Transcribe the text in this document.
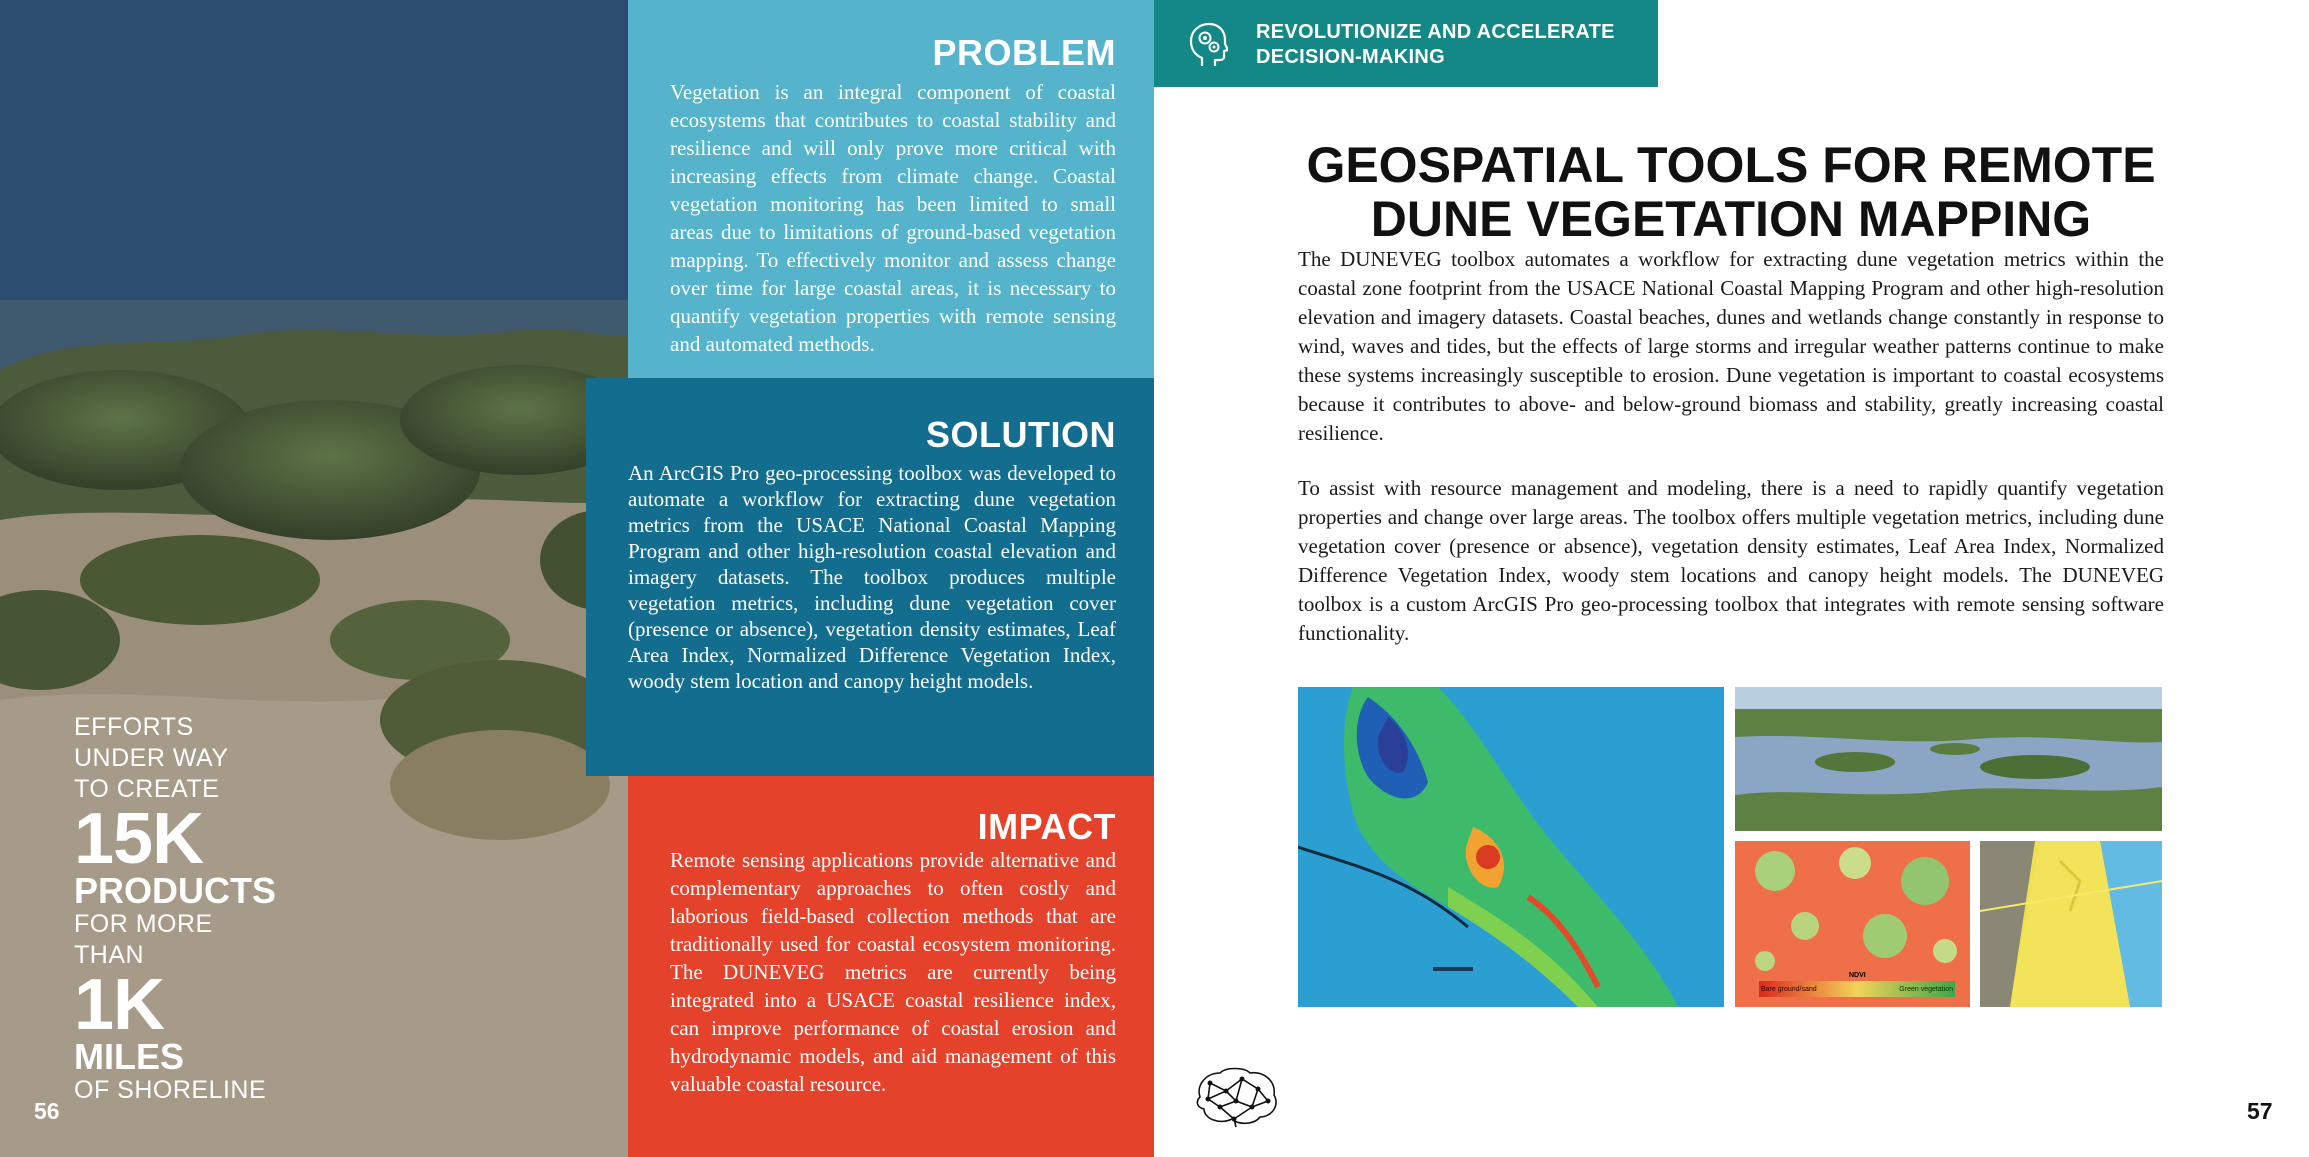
EFFORTS
UNDER WAY
TO CREATE
15K
PRODUCTS
FOR MORE
THAN
1K
MILES
OF SHORELINE
56
PROBLEM

Vegetation is an integral component of coastal ecosystems that contributes to coastal stability and resilience and will only prove more critical with increasing effects from climate change. Coastal vegetation monitoring has been limited to small areas due to limitations of ground-based vegetation mapping. To effectively monitor and assess change over time for large coastal areas, it is necessary to quantify vegetation properties with remote sensing and automated methods.

SOLUTION

An ArcGIS Pro geo-processing toolbox was developed to automate a workflow for extracting dune vegetation metrics from the USACE National Coastal Mapping Program and other high-resolution coastal elevation and imagery datasets. The toolbox produces multiple vegetation metrics, including dune vegetation cover (presence or absence), vegetation density estimates, Leaf Area Index, Normalized Difference Vegetation Index, woody stem location and canopy height models.

IMPACT

Remote sensing applications provide alternative and complementary approaches to often costly and laborious field-based collection methods that are traditionally used for coastal ecosystem monitoring. The DUNEVEG metrics are currently being integrated into a USACE coastal resilience index, can improve performance of coastal erosion and hydrodynamic models, and aid management of this valuable coastal resource.

REVOLUTIONIZE AND ACCELERATE
DECISION-MAKING
GEOSPATIAL TOOLS FOR REMOTE
DUNE VEGETATION MAPPING

The DUNEVEG toolbox automates a workflow for extracting dune vegetation metrics within the coastal zone footprint from the USACE National Coastal Mapping Program and other high-resolution elevation and imagery datasets. Coastal beaches, dunes and wetlands change constantly in response to wind, waves and tides, but the effects of large storms and irregular weather patterns continue to make these systems increasingly susceptible to erosion. Dune vegetation is important to coastal ecosystems because it contributes to above- and below-ground biomass and stability, greatly increasing coastal resilience.

To assist with resource management and modeling, there is a need to rapidly quantify vegetation properties and change over large areas. The toolbox offers multiple vegetation metrics, including dune vegetation cover (presence or absence), vegetation density estimates, Leaf Area Index, Normalized Difference Vegetation Index, woody stem locations and canopy height models. The DUNEVEG toolbox is a custom ArcGIS Pro geo-processing toolbox that integrates with remote sensing software functionality.

NDVI
Bare ground/sand	Green vegetation
57
